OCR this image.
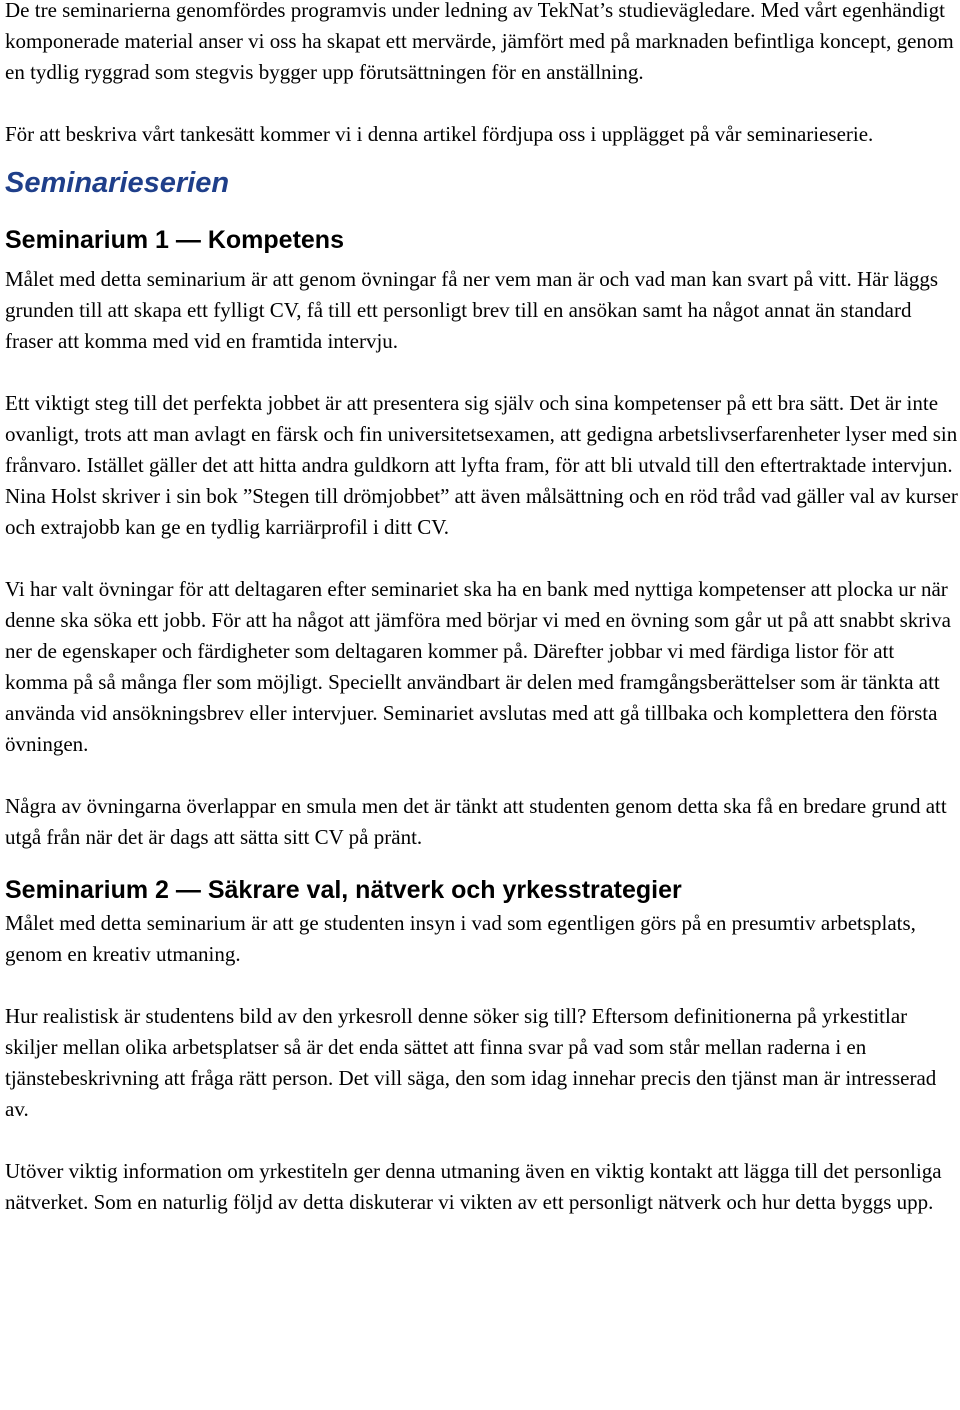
De tre seminarierna genomfördes programvis under ledning av TekNat’s studievägledare. Med vårt egenhändigt komponerade material anser vi oss ha skapat ett mervärde, jämfört med på marknaden befintliga koncept, genom en tydlig ryggrad som stegvis bygger upp förutsättningen för en anställning.

För att beskriva vårt tankesätt kommer vi i denna artikel fördjupa oss i upplägget på vår seminarieserie.

Seminarieserien
Seminarium 1 — Kompetens

Målet med detta seminarium är att genom övningar få ner vem man är och vad man kan svart på vitt. Här läggs grunden till att skapa ett fylligt CV, få till ett personligt brev till en ansökan samt ha något annat än standard fraser att komma med vid en framtida intervju.

Ett viktigt steg till det perfekta jobbet är att presentera sig själv och sina kompetenser på ett bra sätt. Det är inte ovanligt, trots att man avlagt en färsk och fin universitetsexamen, att gedigna arbetslivserfarenheter lyser med sin frånvaro. Istället gäller det att hitta andra guldkorn att lyfta fram, för att bli utvald till den eftertraktade intervjun. Nina Holst skriver i sin bok ”Stegen till drömjobbet” att även målsättning och en röd tråd vad gäller val av kurser och extrajobb kan ge en tydlig karriärprofil i ditt CV.

Vi har valt övningar för att deltagaren efter seminariet ska ha en bank med nyttiga kompetenser att plocka ur när denne ska söka ett jobb. För att ha något att jämföra med börjar vi med en övning som går ut på att snabbt skriva ner de egenskaper och färdigheter som deltagaren kommer på. Därefter jobbar vi med färdiga listor för att komma på så många fler som möjligt. Speciellt användbart är delen med framgångsberättelser som är tänkta att använda vid ansökningsbrev eller intervjuer. Seminariet avslutas med att gå tillbaka och komplettera den första övningen.

Några av övningarna överlappar en smula men det är tänkt att studenten genom detta ska få en bredare grund att utgå från när det är dags att sätta sitt CV på pränt.

Seminarium 2 — Säkrare val, nätverk och yrkesstrategier

Målet med detta seminarium är att ge studenten insyn i vad som egentligen görs på en presumtiv arbetsplats, genom en kreativ utmaning.

Hur realistisk är studentens bild av den yrkesroll denne söker sig till? Eftersom definitionerna på yrkestitlar skiljer mellan olika arbetsplatser så är det enda sättet att finna svar på vad som står mellan raderna i en tjänstebeskrivning att fråga rätt person. Det vill säga, den som idag innehar precis den tjänst man är intresserad av.

Utöver viktig information om yrkestiteln ger denna utmaning även en viktig kontakt att lägga till det personliga nätverket. Som en naturlig följd av detta diskuterar vi vikten av ett personligt nätverk och hur detta byggs upp.
